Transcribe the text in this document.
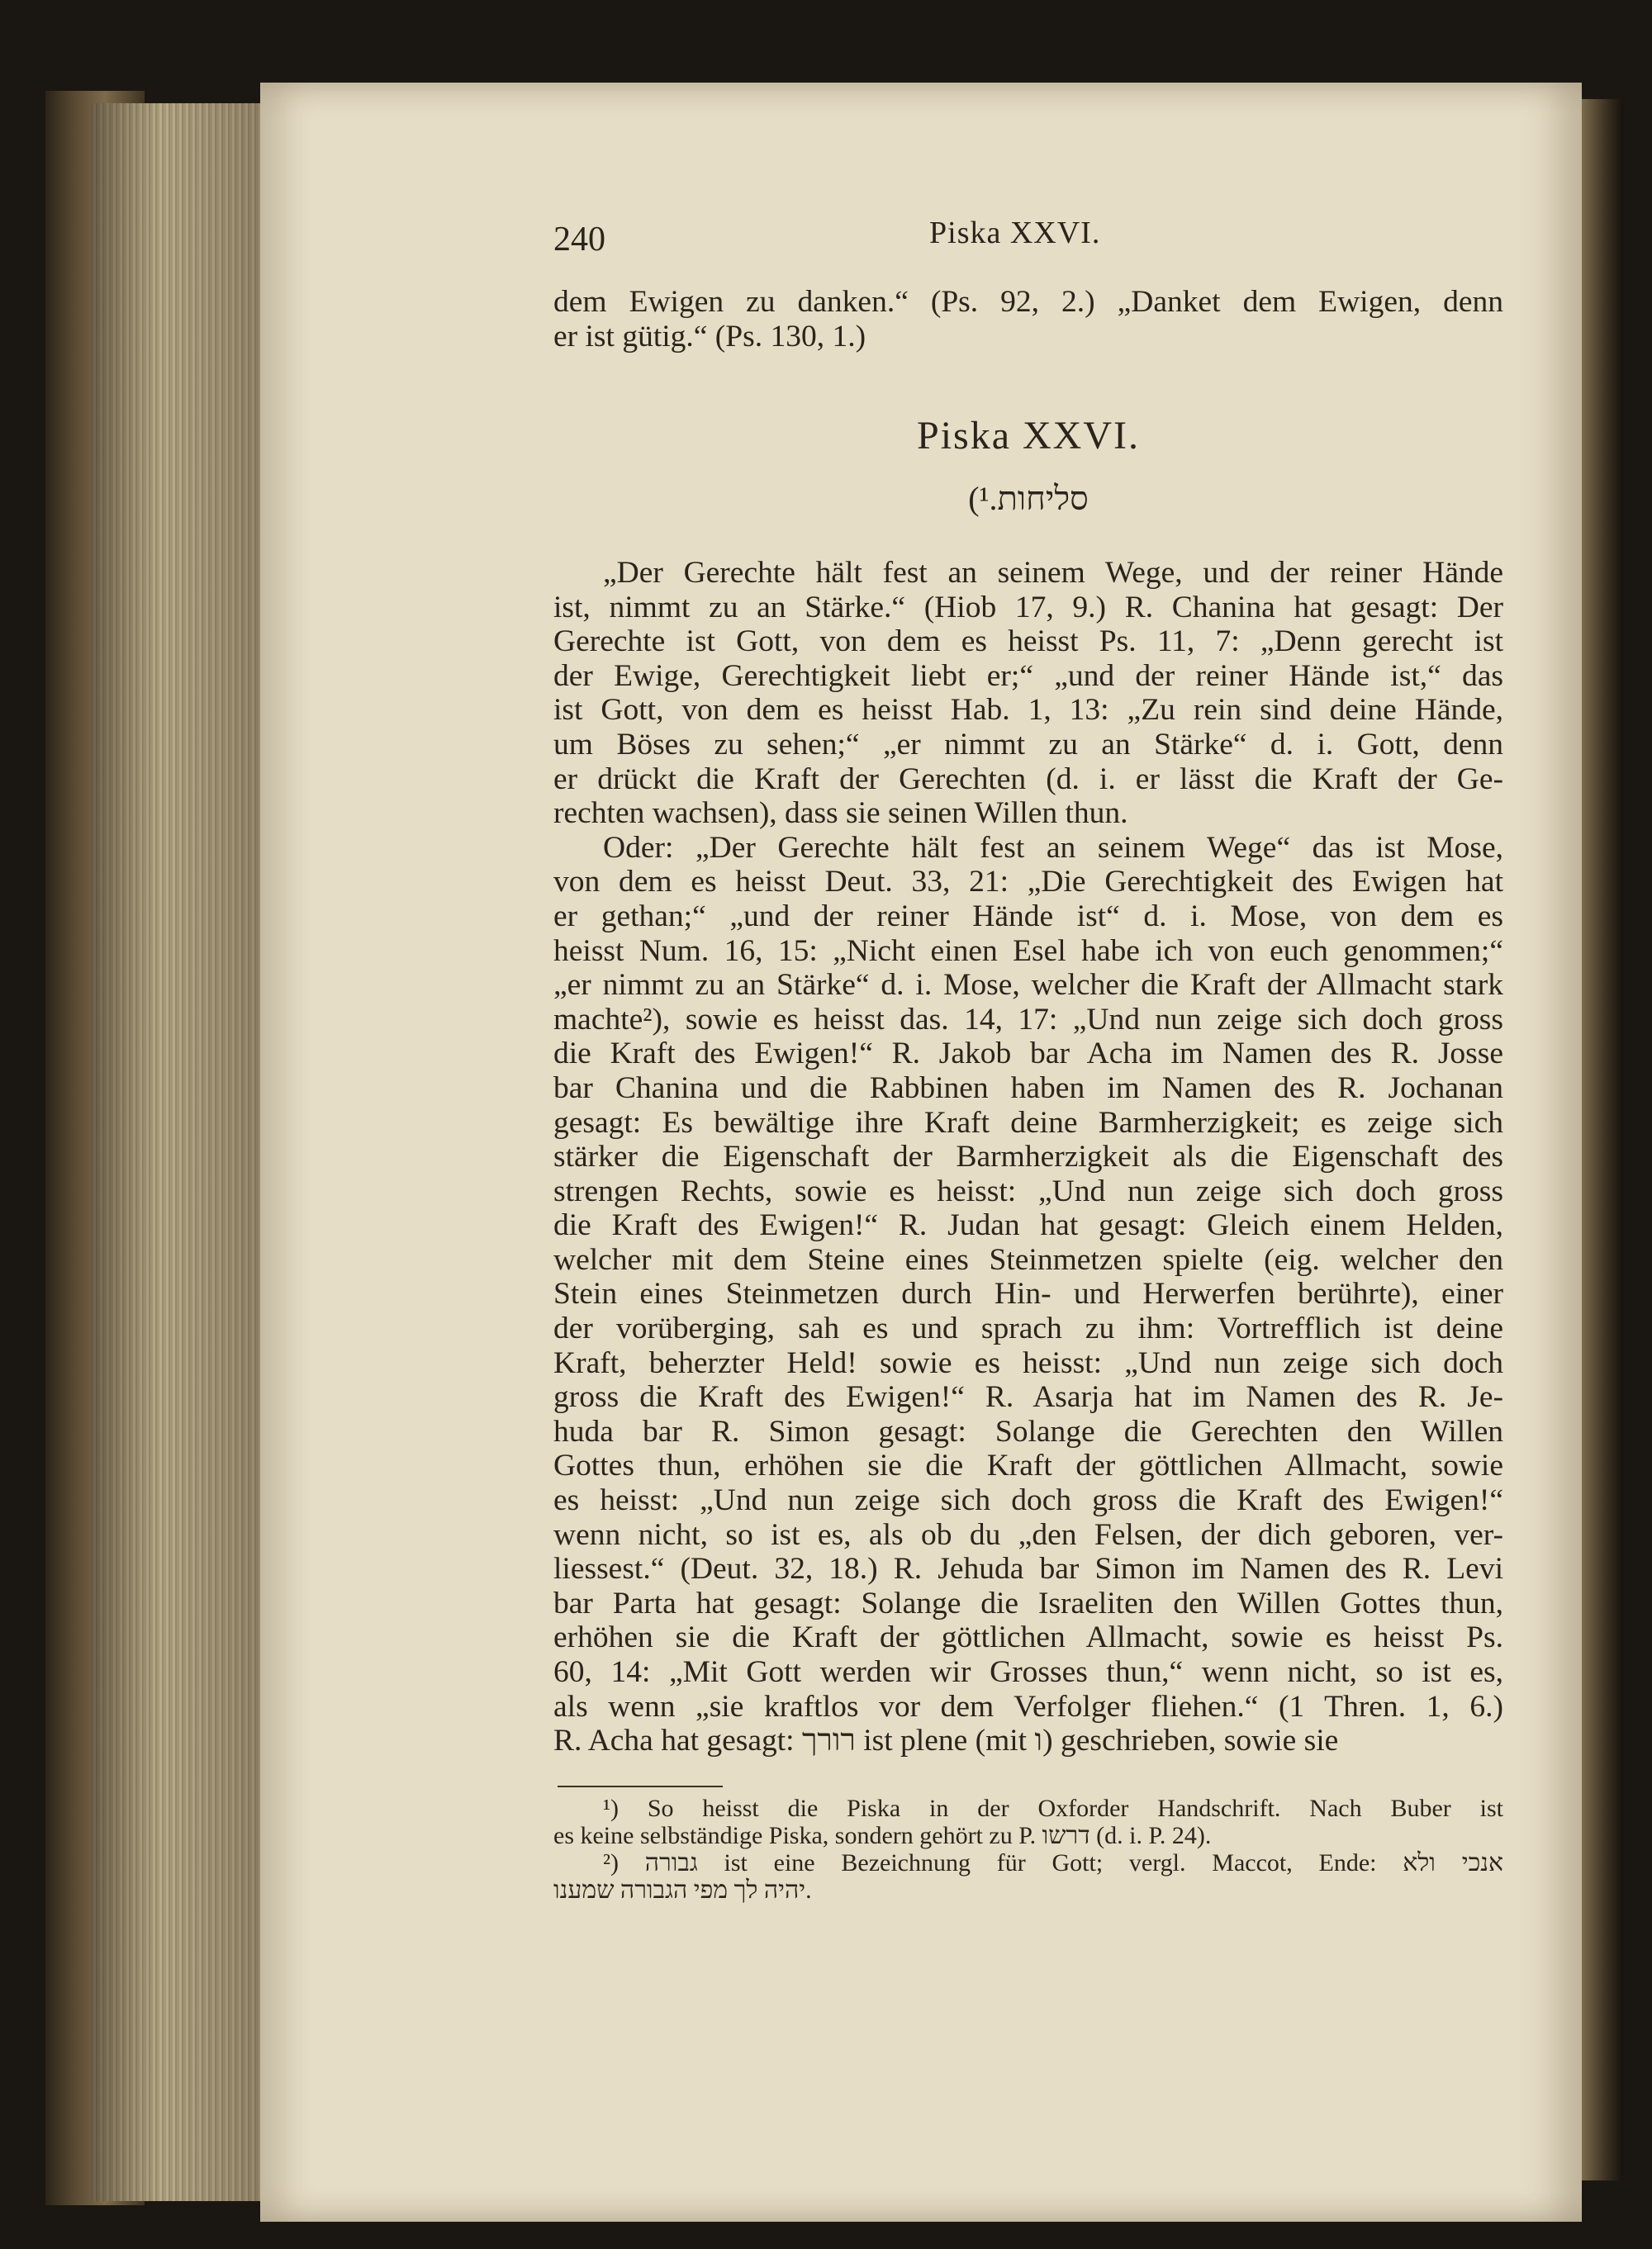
240	Piska XXVI.
dem Ewigen zu danken.“ (Ps. 92, 2.) „Danket dem Ewigen, denn
er ist gütig.“ (Ps. 130, 1.)
Piska XXVI.
סליחות.¹)
„Der Gerechte hält fest an seinem Wege, und der reiner Hände
ist, nimmt zu an Stärke.“ (Hiob 17, 9.) R. Chanina hat gesagt: Der
Gerechte ist Gott, von dem es heisst Ps. 11, 7: „Denn gerecht ist
der Ewige, Gerechtigkeit liebt er;“ „und der reiner Hände ist,“ das
ist Gott, von dem es heisst Hab. 1, 13: „Zu rein sind deine Hände,
um Böses zu sehen;“ „er nimmt zu an Stärke“ d. i. Gott, denn
er drückt die Kraft der Gerechten (d. i. er lässt die Kraft der Ge-
rechten wachsen), dass sie seinen Willen thun.
Oder: „Der Gerechte hält fest an seinem Wege“ das ist Mose,
von dem es heisst Deut. 33, 21: „Die Gerechtigkeit des Ewigen hat
er gethan;“ „und der reiner Hände ist“ d. i. Mose, von dem es
heisst Num. 16, 15: „Nicht einen Esel habe ich von euch genommen;“
„er nimmt zu an Stärke“ d. i. Mose, welcher die Kraft der Allmacht stark
machte²), sowie es heisst das. 14, 17: „Und nun zeige sich doch gross
die Kraft des Ewigen!“ R. Jakob bar Acha im Namen des R. Josse
bar Chanina und die Rabbinen haben im Namen des R. Jochanan
gesagt: Es bewältige ihre Kraft deine Barmherzigkeit; es zeige sich
stärker die Eigenschaft der Barmherzigkeit als die Eigenschaft des
strengen Rechts, sowie es heisst: „Und nun zeige sich doch gross
die Kraft des Ewigen!“ R. Judan hat gesagt: Gleich einem Helden,
welcher mit dem Steine eines Steinmetzen spielte (eig. welcher den
Stein eines Steinmetzen durch Hin- und Herwerfen berührte), einer
der vorüberging, sah es und sprach zu ihm: Vortrefflich ist deine
Kraft, beherzter Held! sowie es heisst: „Und nun zeige sich doch
gross die Kraft des Ewigen!“ R. Asarja hat im Namen des R. Je-
huda bar R. Simon gesagt: Solange die Gerechten den Willen
Gottes thun, erhöhen sie die Kraft der göttlichen Allmacht, sowie
es heisst: „Und nun zeige sich doch gross die Kraft des Ewigen!“
wenn nicht, so ist es, als ob du „den Felsen, der dich geboren, ver-
liessest.“ (Deut. 32, 18.) R. Jehuda bar Simon im Namen des R. Levi
bar Parta hat gesagt: Solange die Israeliten den Willen Gottes thun,
erhöhen sie die Kraft der göttlichen Allmacht, sowie es heisst Ps.
60, 14: „Mit Gott werden wir Grosses thun,“ wenn nicht, so ist es,
als wenn „sie kraftlos vor dem Verfolger fliehen.“ (1 Thren. 1, 6.)
R. Acha hat gesagt: רורך ist plene (mit ו) geschrieben, sowie sie
¹) So heisst die Piska in der Oxforder Handschrift. Nach Buber ist
es keine selbständige Piska, sondern gehört zu P. דרשו (d. i. P. 24).
²) גבורה ist eine Bezeichnung für Gott; vergl. Maccot, Ende: אנכי ולא
יהיה לך מפי הגבורה שמענו.
